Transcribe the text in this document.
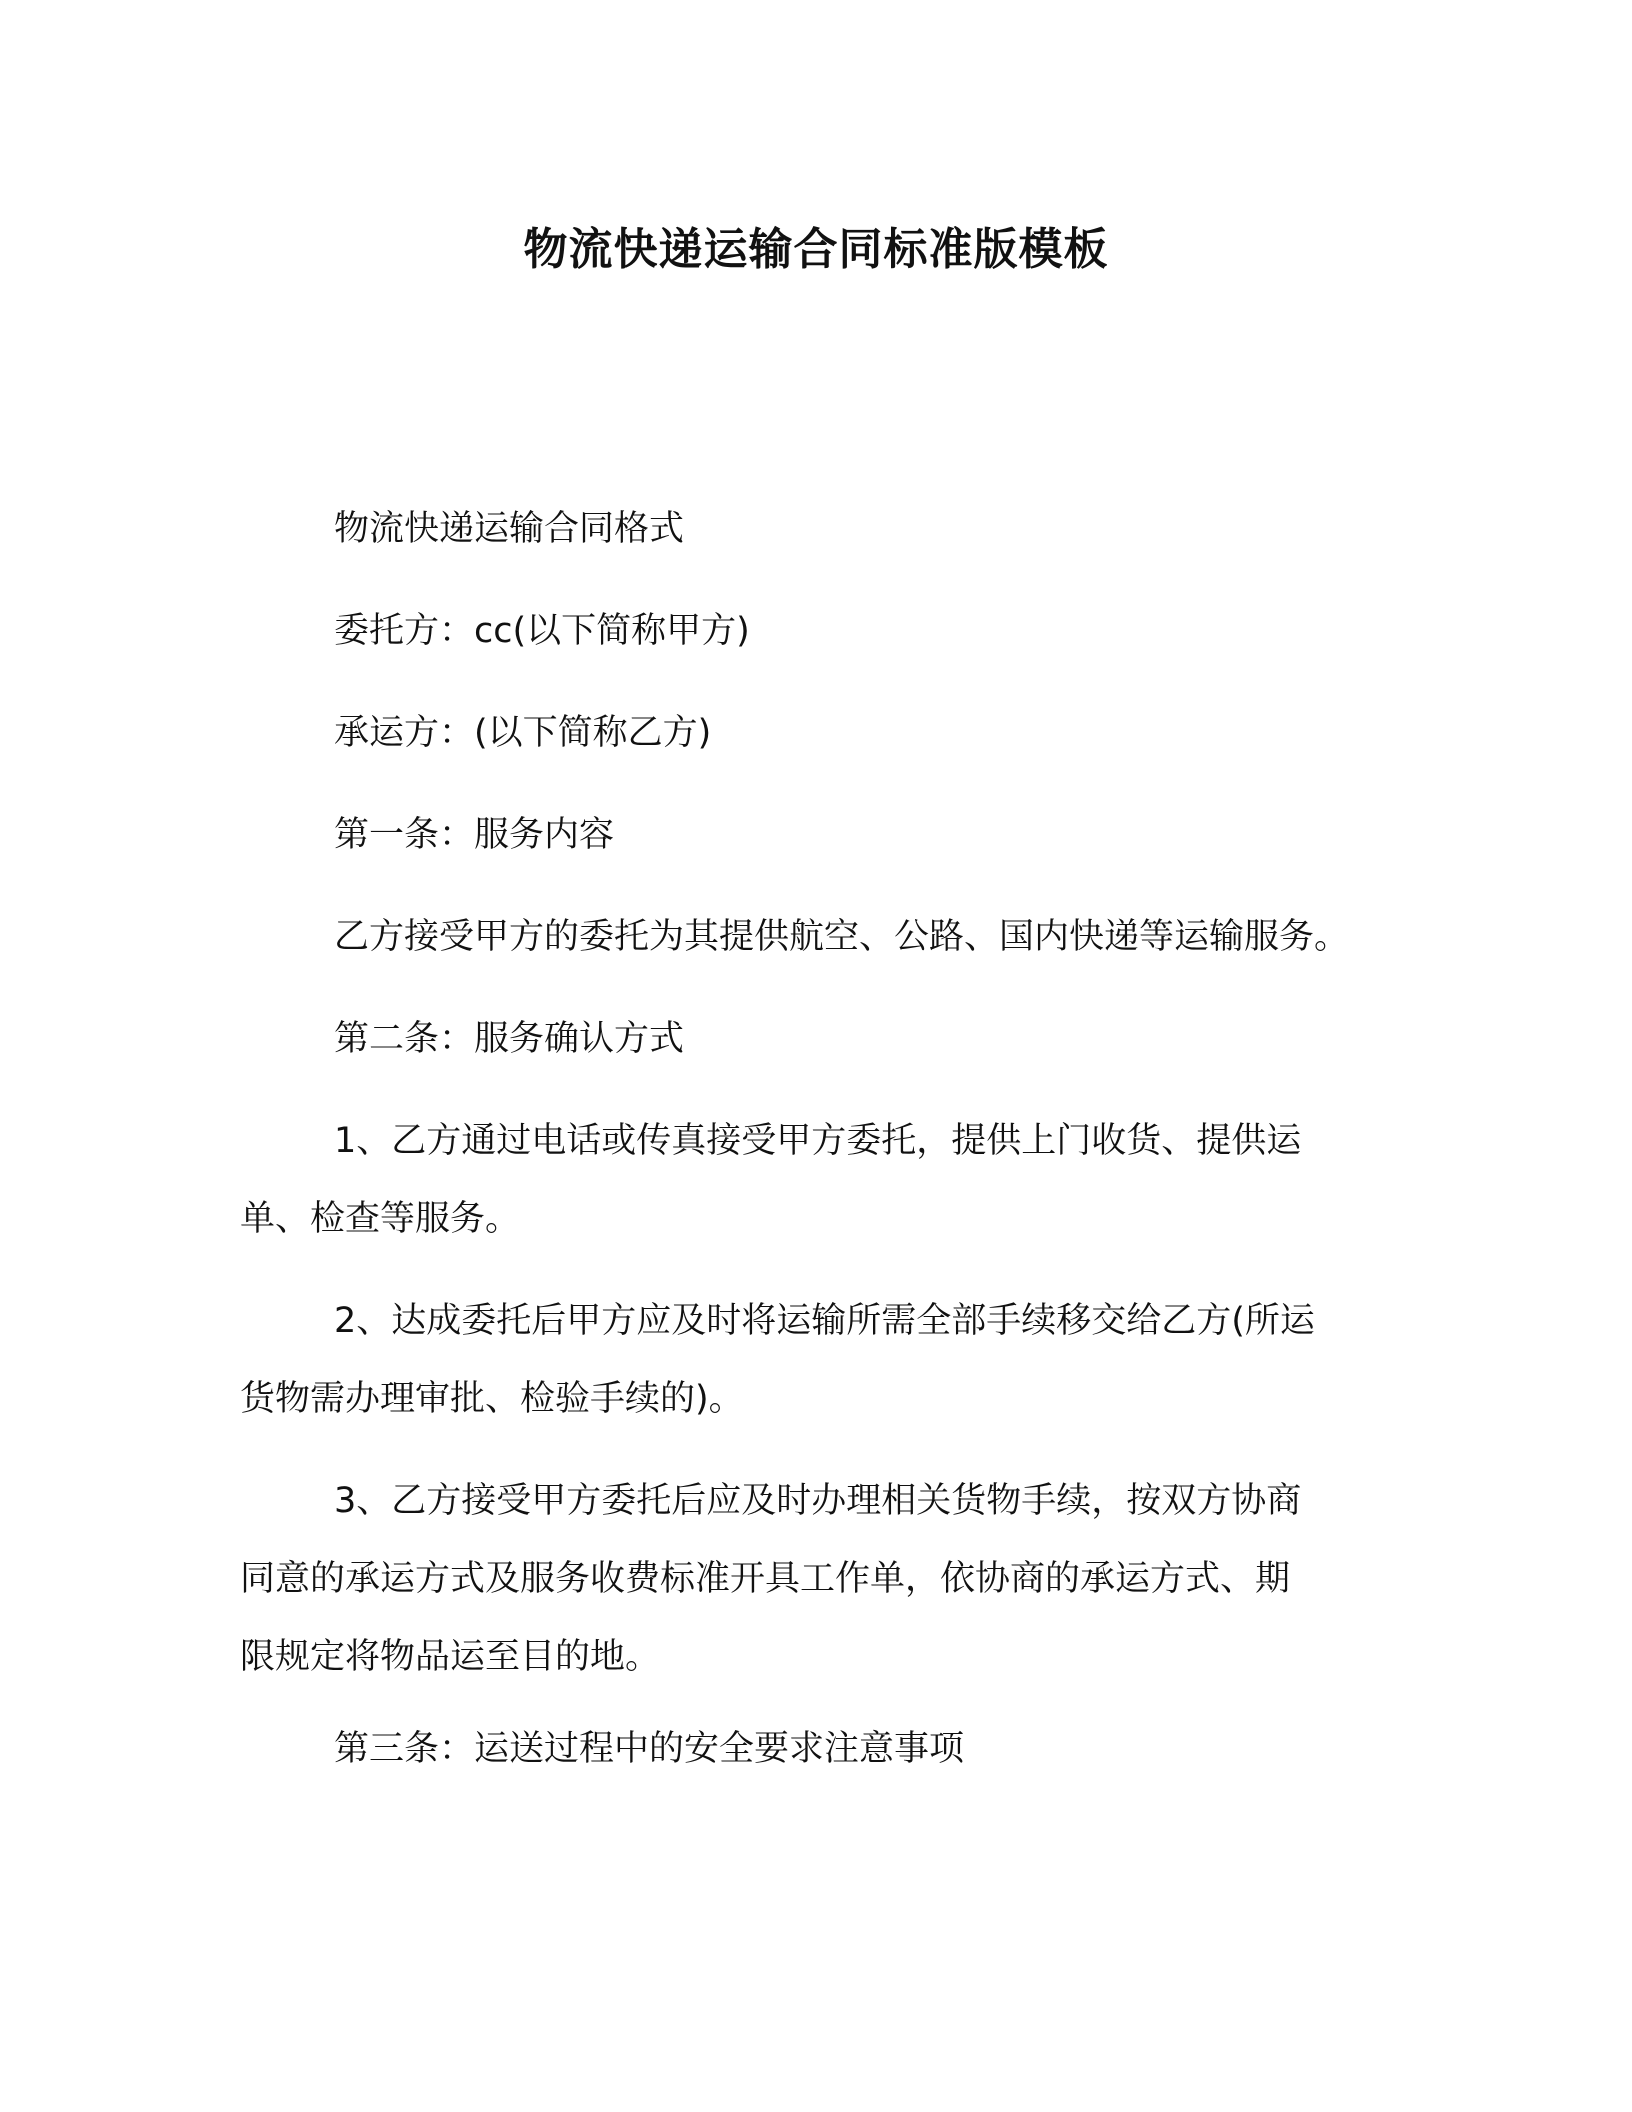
物流快递运输合同标准版模板

物流快递运输合同格式

委托方：cc(以下简称甲方)

承运方：(以下简称乙方)

第一条：服务内容

乙方接受甲方的委托为其提供航空、公路、国内快递等运输服务。

第二条：服务确认方式

1、乙方通过电话或传真接受甲方委托，提供上门收货、提供运
单、检查等服务。
2、达成委托后甲方应及时将运输所需全部手续移交给乙方(所运
货物需办理审批、检验手续的)。
3、乙方接受甲方委托后应及时办理相关货物手续，按双方协商
同意的承运方式及服务收费标准开具工作单，依协商的承运方式、期
限规定将物品运至目的地。

第三条：运送过程中的安全要求注意事项
